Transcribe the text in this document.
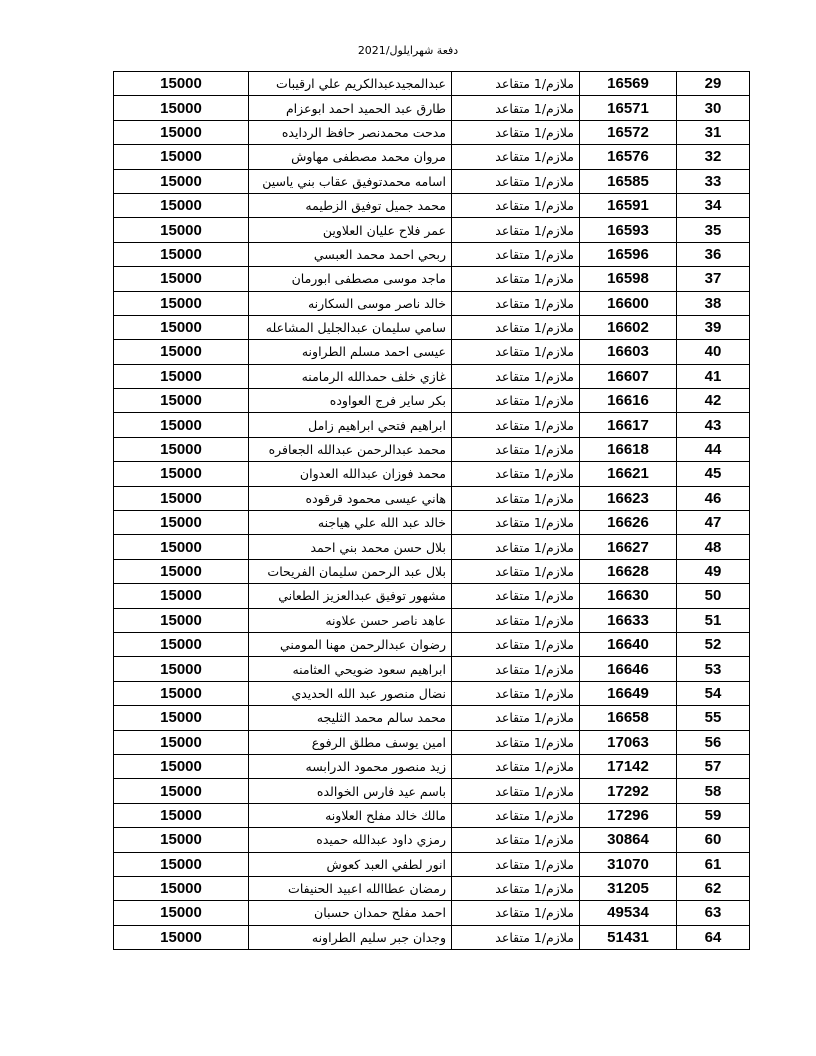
دفعة شهرايلول/2021
29	16569	ملازم/1 متقاعد	عبدالمجيدعبدالكريم علي ارقيبات	15000
30	16571	ملازم/1 متقاعد	طارق عبد الحميد احمد ابوعزام	15000
31	16572	ملازم/1 متقاعد	مدحت محمدنصر حافظ الردايده	15000
32	16576	ملازم/1 متقاعد	مروان محمد مصطفى مهاوش	15000
33	16585	ملازم/1 متقاعد	اسامه محمدتوفيق عقاب بني ياسين	15000
34	16591	ملازم/1 متقاعد	محمد جميل توفيق الزطيمه	15000
35	16593	ملازم/1 متقاعد	عمر فلاح عليان العلاوين	15000
36	16596	ملازم/1 متقاعد	ربحي احمد محمد العبسي	15000
37	16598	ملازم/1 متقاعد	ماجد موسى مصطفى ابورمان	15000
38	16600	ملازم/1 متقاعد	خالد ناصر موسى السكارنه	15000
39	16602	ملازم/1 متقاعد	سامي سليمان عبدالجليل المشاعله	15000
40	16603	ملازم/1 متقاعد	عيسى احمد مسلم الطراونه	15000
41	16607	ملازم/1 متقاعد	غازي خلف حمدالله الرمامنه	15000
42	16616	ملازم/1 متقاعد	بكر ساير فرج العواوده	15000
43	16617	ملازم/1 متقاعد	ابراهيم فتحي ابراهيم زامل	15000
44	16618	ملازم/1 متقاعد	محمد عبدالرحمن عبدالله الجعافره	15000
45	16621	ملازم/1 متقاعد	محمد فوزان عبدالله العدوان	15000
46	16623	ملازم/1 متقاعد	هاني عيسى محمود قرقوده	15000
47	16626	ملازم/1 متقاعد	خالد عبد الله علي هياجنه	15000
48	16627	ملازم/1 متقاعد	بلال حسن محمد بني احمد	15000
49	16628	ملازم/1 متقاعد	بلال عبد الرحمن سليمان الفريحات	15000
50	16630	ملازم/1 متقاعد	مشهور توفيق عبدالعزيز الطعاني	15000
51	16633	ملازم/1 متقاعد	عاهد ناصر حسن علاونه	15000
52	16640	ملازم/1 متقاعد	رضوان عبدالرحمن مهنا المومني	15000
53	16646	ملازم/1 متقاعد	ابراهيم سعود ضويحي العثامنه	15000
54	16649	ملازم/1 متقاعد	نضال منصور عبد الله الحديدي	15000
55	16658	ملازم/1 متقاعد	محمد سالم محمد الثليجه	15000
56	17063	ملازم/1 متقاعد	امين يوسف مطلق الرفوع	15000
57	17142	ملازم/1 متقاعد	زيد منصور محمود الدرابسه	15000
58	17292	ملازم/1 متقاعد	باسم عيد فارس الخوالده	15000
59	17296	ملازم/1 متقاعد	مالك خالد مفلح العلاونه	15000
60	30864	ملازم/1 متقاعد	رمزي داود عبدالله حميده	15000
61	31070	ملازم/1 متقاعد	انور لطفي العبد كعوش	15000
62	31205	ملازم/1 متقاعد	رمضان عطاالله اعبيد الحنيفات	15000
63	49534	ملازم/1 متقاعد	احمد مفلح حمدان حسبان	15000
64	51431	ملازم/1 متقاعد	وجدان جبر سليم الطراونه	15000
